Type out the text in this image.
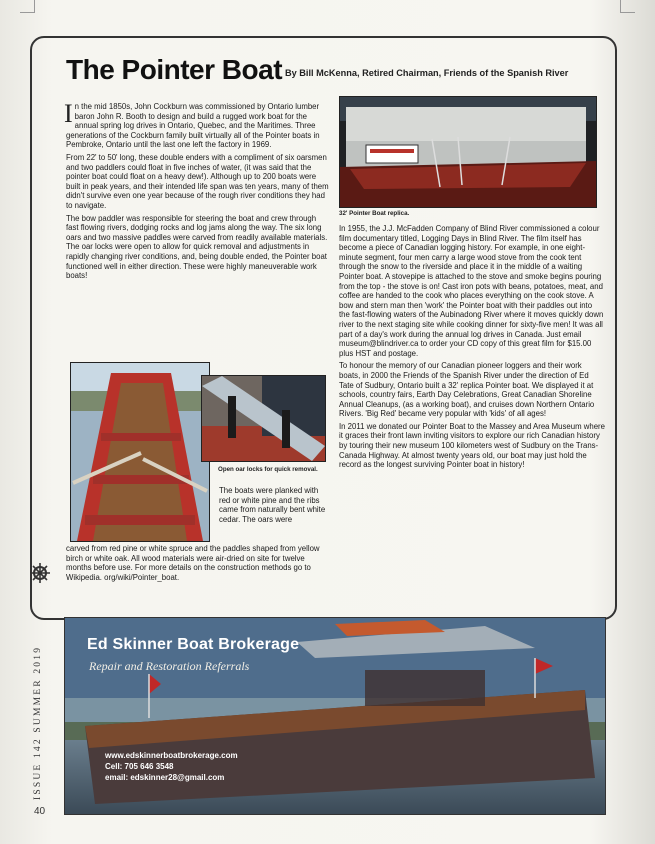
The Pointer Boat By Bill McKenna, Retired Chairman, Friends of the Spanish River

In the mid 1850s, John Cockburn was commissioned by Ontario lumber baron John R. Booth to design and build a rugged work boat for the annual spring log drives in Ontario, Quebec, and the Maritimes. Three generations of the Cockburn family built virtually all of the Pointer boats in Pembroke, Ontario until the last one left the factory in 1969.

From 22' to 50' long, these double enders with a compliment of six oarsmen and two paddlers could float in five inches of water, (it was said that the pointer boat could float on a heavy dew!). Although up to 200 boats were built in peak years, and their intended life span was ten years, many of them didn't survive even one year because of the rough river conditions they had to navigate.

The bow paddler was responsible for steering the boat and crew through fast flowing rivers, dodging rocks and log jams along the way. The six long oars and two massive paddles were carved from readily available materials. The oar locks were open to allow for quick removal and adjustments in rapidly changing river conditions, and, being double ended, the Pointer boat functioned well in either direction. These were highly maneuverable work boats!

Open oar locks for quick removal.

The boats were planked with red or white pine and the ribs came from naturally bent white cedar. The oars were

carved from red pine or white spruce and the paddles shaped from yellow birch or white oak. All wood materials were air-dried on site for twelve months before use. For more details on the construction methods go to Wikipedia. org/wiki/Pointer_boat.

32' Pointer Boat replica.

In 1955, the J.J. McFadden Company of Blind River commissioned a colour film documentary titled, Logging Days in Blind River. The film itself has become a piece of Canadian logging history. For example, in one eight-minute segment, four men carry a large wood stove from the cook tent through the snow to the riverside and place it in the middle of a waiting Pointer boat. A stovepipe is attached to the stove and smoke begins pouring from the top - the stove is on! Cast iron pots with beans, potatoes, meat, and coffee are handed to the cook who places everything on the cook stove. A bow and stern man then 'work' the Pointer boat with their paddles out into the fast-flowing waters of the Aubinadong River where it moves quickly down river to the next staging site while cooking dinner for sixty-five men! It was all part of a day's work during the annual log drives in Canada. Just email museum@blindriver.ca to order your CD copy of this great film for $15.00 plus HST and postage.

To honour the memory of our Canadian pioneer loggers and their work boats, in 2000 the Friends of the Spanish River under the direction of Ed Tate of Sudbury, Ontario built a 32' replica Pointer boat. We displayed it at schools, country fairs, Earth Day Celebrations, Great Canadian Shoreline Annual Cleanups, (as a working boat), and cruises down Northern Ontario Rivers. 'Big Red' became very popular with 'kids' of all ages!

In 2011 we donated our Pointer Boat to the Massey and Area Museum where it graces their front lawn inviting visitors to explore our rich Canadian history by touring their new museum 100 kilometers west of Sudbury on the Trans-Canada Highway. At almost twenty years old, our boat may just hold the record as the longest surviving Pointer boat in history!

ISSUE 142 SUMMER 2019
40
Ed Skinner Boat Brokerage
Repair and Restoration Referrals
www.edskinnerboatbrokerage.com
Cell: 705 646 3548
email: edskinner28@gmail.com
